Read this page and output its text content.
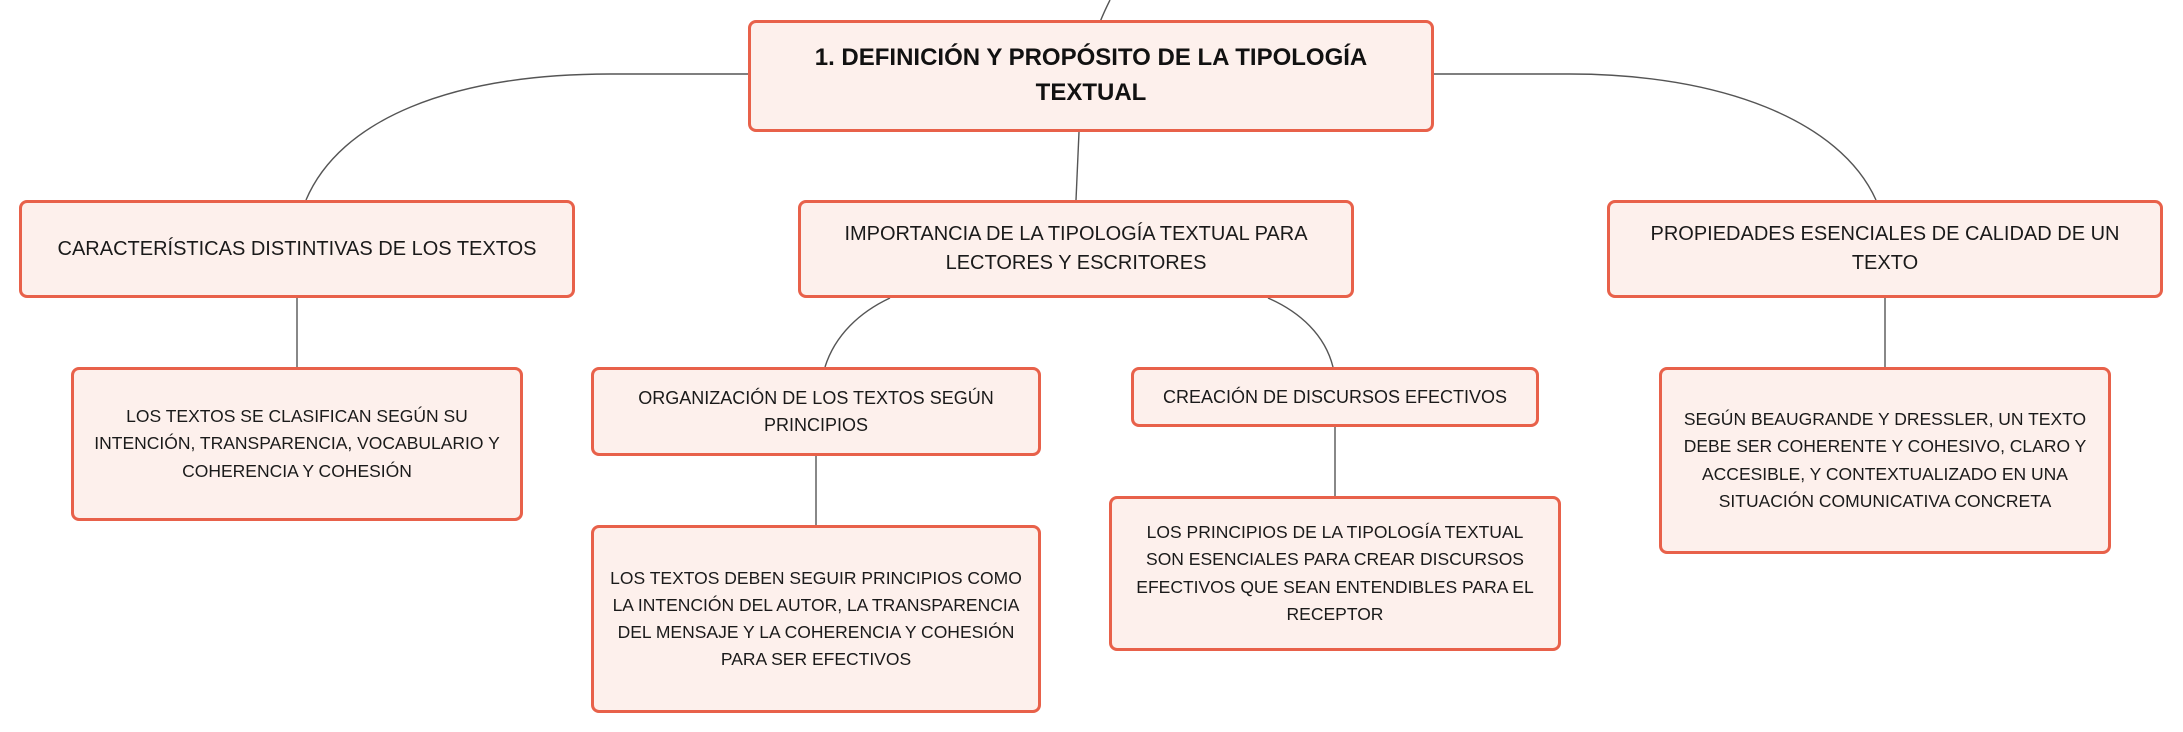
1. DEFINICIÓN Y PROPÓSITO DE LA TIPOLOGÍA TEXTUAL
CARACTERÍSTICAS DISTINTIVAS DE LOS TEXTOS
IMPORTANCIA DE LA TIPOLOGÍA TEXTUAL PARA LECTORES Y ESCRITORES
PROPIEDADES ESENCIALES DE CALIDAD DE UN TEXTO
LOS TEXTOS SE CLASIFICAN SEGÚN SU INTENCIÓN, TRANSPARENCIA, VOCABULARIO Y COHERENCIA Y COHESIÓN
ORGANIZACIÓN DE LOS TEXTOS SEGÚN PRINCIPIOS
CREACIÓN DE DISCURSOS EFECTIVOS
SEGÚN BEAUGRANDE Y DRESSLER, UN TEXTO DEBE SER COHERENTE Y COHESIVO, CLARO Y ACCESIBLE, Y CONTEXTUALIZADO EN UNA SITUACIÓN COMUNICATIVA CONCRETA
LOS TEXTOS DEBEN SEGUIR PRINCIPIOS COMO LA INTENCIÓN DEL AUTOR, LA TRANSPARENCIA DEL MENSAJE Y LA COHERENCIA Y COHESIÓN PARA SER EFECTIVOS
LOS PRINCIPIOS DE LA TIPOLOGÍA TEXTUAL SON ESENCIALES PARA CREAR DISCURSOS EFECTIVOS QUE SEAN ENTENDIBLES PARA EL RECEPTOR
